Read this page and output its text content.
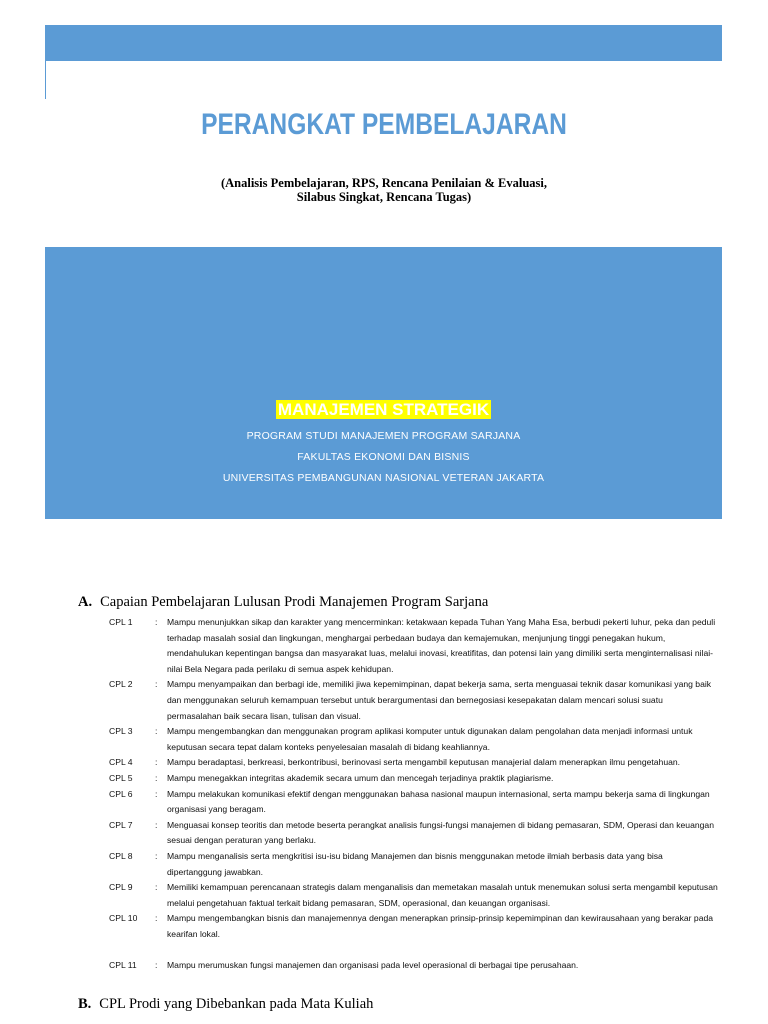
PERANGKAT PEMBELAJARAN
(Analisis Pembelajaran, RPS, Rencana Penilaian & Evaluasi,
Silabus Singkat, Rencana Tugas)
MANAJEMEN STRATEGIK
PROGRAM STUDI MANAJEMEN PROGRAM SARJANA
FAKULTAS EKONOMI DAN BISNIS
UNIVERSITAS PEMBANGUNAN NASIONAL VETERAN JAKARTA
A. Capaian Pembelajaran Lulusan Prodi Manajemen Program Sarjana
CPL 1	:	Mampu menunjukkan sikap dan karakter yang mencerminkan: ketakwaan kepada Tuhan Yang Maha Esa, berbudi pekerti luhur, peka dan peduli terhadap masalah sosial dan lingkungan, menghargai perbedaan budaya dan kemajemukan, menjunjung tinggi penegakan hukum, mendahulukan kepentingan bangsa dan masyarakat luas, melalui inovasi, kreatifitas, dan potensi lain yang dimiliki serta menginternalisasi nilai-nilai Bela Negara pada perilaku di semua aspek kehidupan.
CPL 2	:	Mampu menyampaikan dan berbagi ide, memiliki jiwa kepemimpinan, dapat bekerja sama, serta menguasai teknik dasar komunikasi yang baik dan menggunakan seluruh kemampuan tersebut untuk berargumentasi dan bernegosiasi kesepakatan dalam mencari solusi suatu permasalahan baik secara lisan, tulisan dan visual.
CPL 3	:	Mampu mengembangkan dan menggunakan program aplikasi komputer untuk digunakan dalam pengolahan data menjadi informasi untuk keputusan secara tepat dalam konteks penyelesaian masalah di bidang keahliannya.
CPL 4	:	Mampu beradaptasi, berkreasi, berkontribusi, berinovasi serta mengambil keputusan manajerial dalam menerapkan ilmu pengetahuan.
CPL 5	:	Mampu menegakkan integritas akademik secara umum dan mencegah terjadinya praktik plagiarisme.
CPL 6	:	Mampu melakukan komunikasi efektif dengan menggunakan bahasa nasional maupun internasional, serta mampu bekerja sama di lingkungan organisasi yang beragam.
CPL 7	:	Menguasai konsep teoritis dan metode beserta perangkat analisis fungsi-fungsi manajemen di bidang pemasaran, SDM, Operasi dan keuangan sesuai dengan peraturan yang berlaku.
CPL 8	:	Mampu menganalisis serta mengkritisi isu-isu bidang Manajemen dan bisnis menggunakan metode ilmiah berbasis data yang bisa dipertanggung jawabkan.
CPL 9	:	Memiliki kemampuan perencanaan strategis dalam menganalisis dan memetakan masalah untuk menemukan solusi serta mengambil keputusan melalui pengetahuan faktual terkait bidang pemasaran, SDM, operasional, dan keuangan organisasi.
CPL 10	:	Mampu mengembangkan bisnis dan manajemennya dengan menerapkan prinsip-prinsip kepemimpinan dan kewirausahaan yang berakar pada kearifan lokal.
CPL 11	:	Mampu merumuskan fungsi manajemen dan organisasi pada level operasional di berbagai tipe perusahaan.
B. CPL Prodi yang Dibebankan pada Mata Kuliah
